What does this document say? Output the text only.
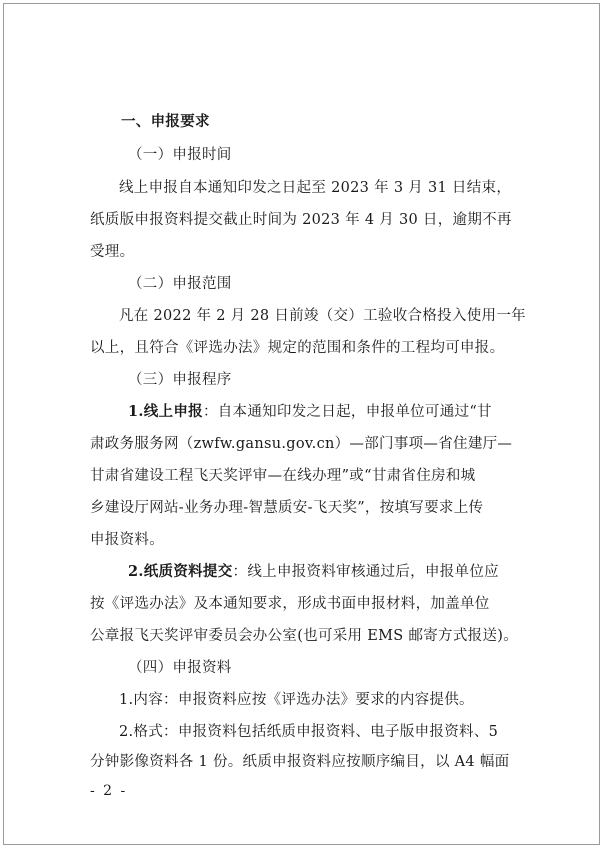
一、申报要求
（一）申报时间
线上申报自本通知印发之日起至 2023 年 3 月 31 日结束，
纸质版申报资料提交截止时间为 2023 年 4 月 30 日，逾期不再
受理。
（二）申报范围
凡在 2022 年 2 月 28 日前竣（交）工验收合格投入使用一年
以上，且符合《评选办法》规定的范围和条件的工程均可申报。
（三）申报程序
1.线上申报：自本通知印发之日起，申报单位可通过“甘
肃政务服务网（zwfw.gansu.gov.cn）—部门事项—省住建厅—
甘肃省建设工程飞天奖评审—在线办理”或“甘肃省住房和城
乡建设厅网站-业务办理-智慧质安-飞天奖”，按填写要求上传
申报资料。
2.纸质资料提交：线上申报资料审核通过后，申报单位应
按《评选办法》及本通知要求，形成书面申报材料，加盖单位
公章报飞天奖评审委员会办公室(也可采用 EMS 邮寄方式报送)。
（四）申报资料
1.内容：申报资料应按《评选办法》要求的内容提供。
2.格式：申报资料包括纸质申报资料、电子版申报资料、5
分钟影像资料各 1 份。纸质申报资料应按顺序编目，以 A4 幅面
- 2 -
